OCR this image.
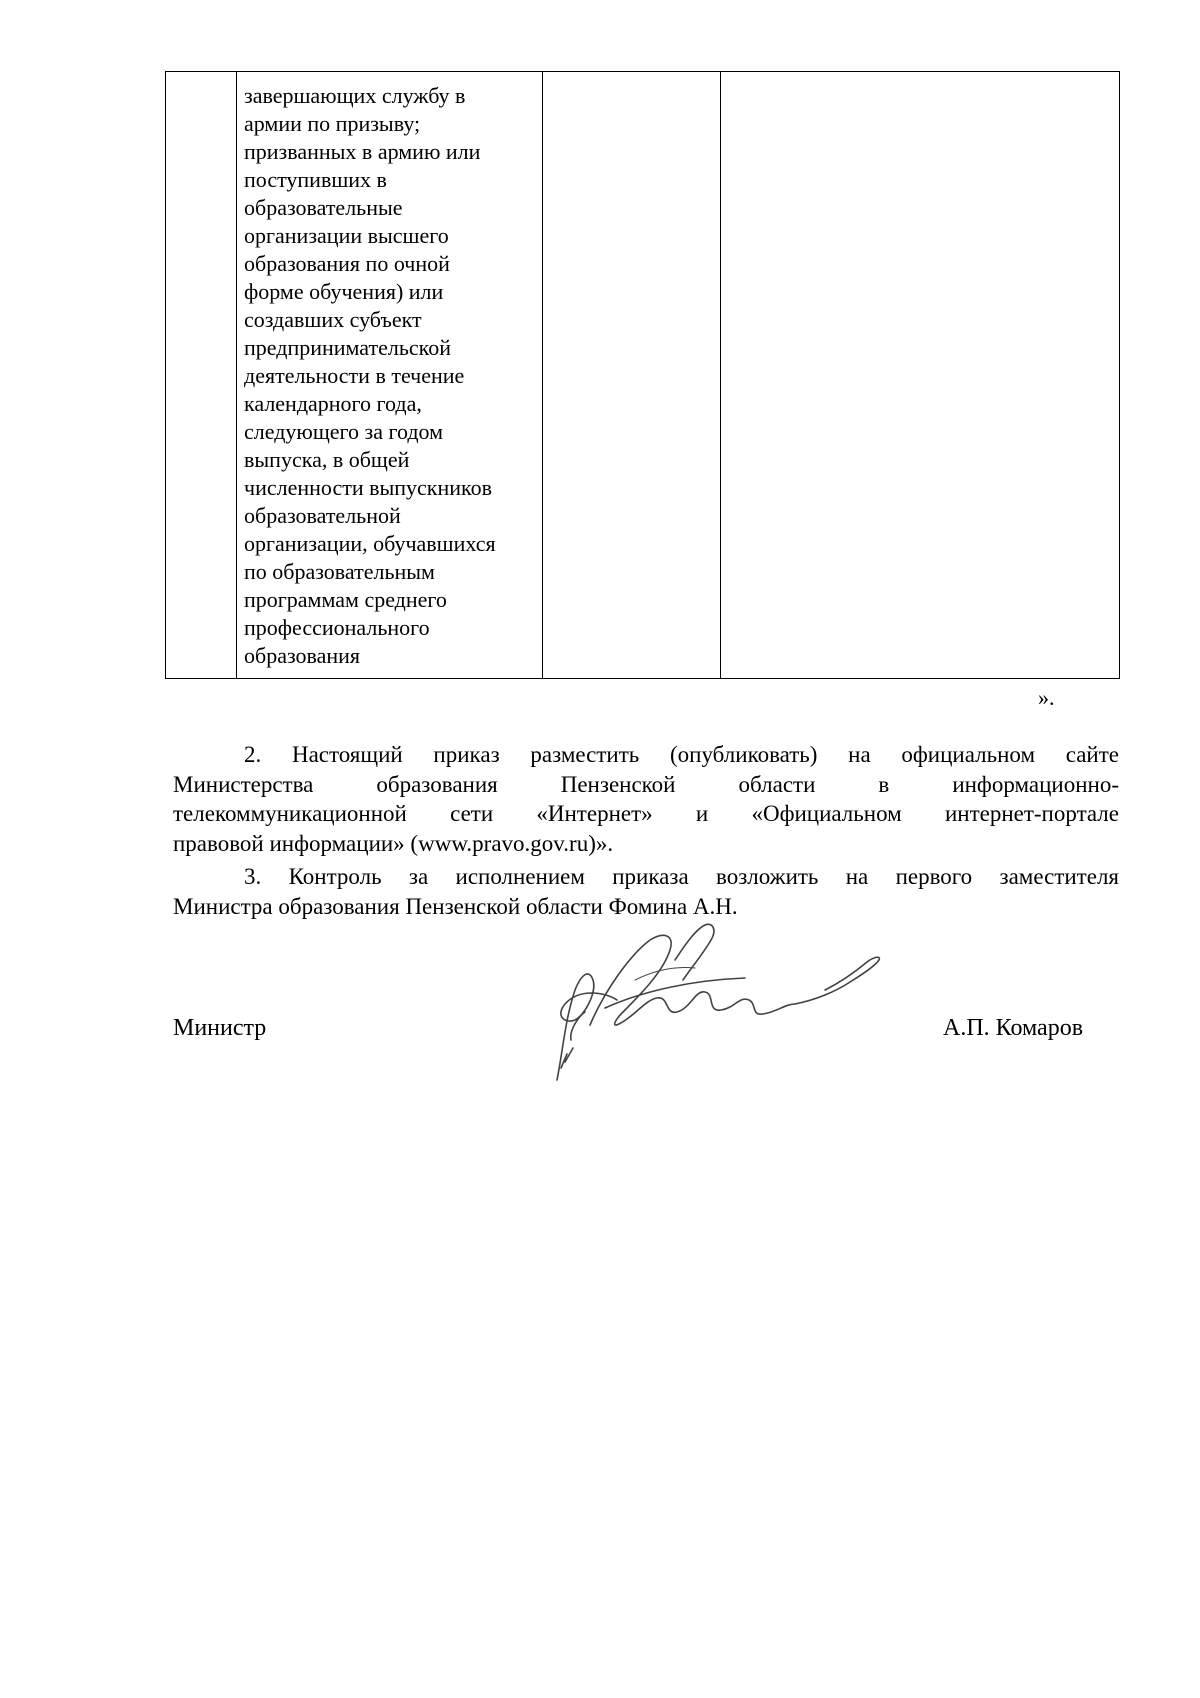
завершающих службу в
армии по призыву;
призванных в армию или
поступивших в
образовательные
организации высшего
образования по очной
форме обучения) или
создавших субъект
предпринимательской
деятельности в течение
календарного года,
следующего за годом
выпуска, в общей
численности выпускников
образовательной
организации, обучавшихся
по образовательным
программам среднего
профессионального
образования

».
2. Настоящий приказ разместить (опубликовать) на официальном сайте
Министерства образования Пензенской области в информационно-
телекоммуникационной сети «Интернет» и «Официальном интернет-портале
правовой информации» (www.pravo.gov.ru)».
3. Контроль за исполнением приказа возложить на первого заместителя
Министра образования Пензенской области Фомина А.Н.
Министр	А.П. Комаров
